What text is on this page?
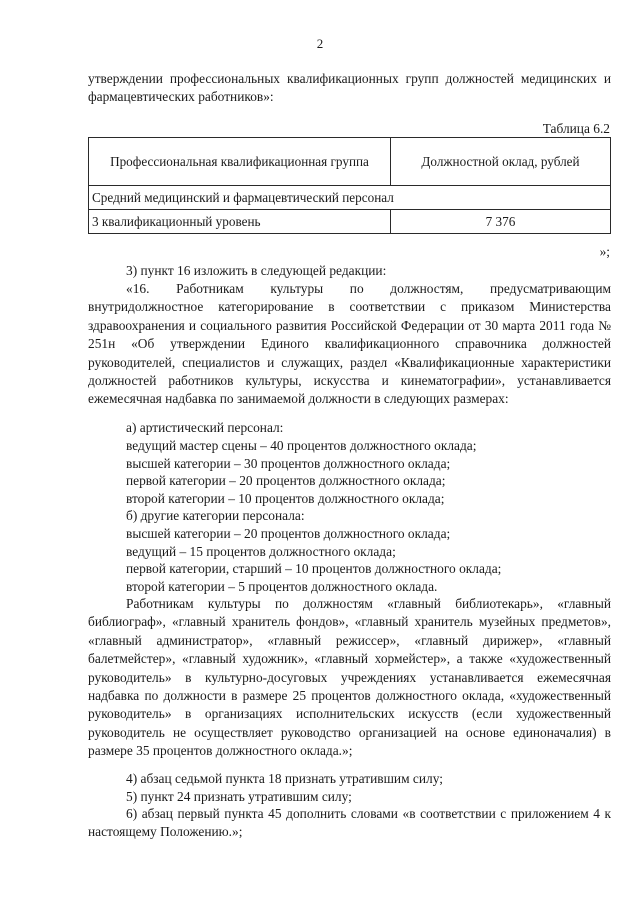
2

утверждении профессиональных квалификационных групп должностей медицинских и фармацевтических работников»:

Таблица 6.2
Профессиональная квалификационная группа	Должностной оклад, рублей
Средний медицинский и фармацевтический персонал	
3 квалификационный уровень	7 376
»;

3) пункт 16 изложить в следующей редакции:

«16. Работникам культуры по должностям, предусматривающим внутридолжностное категорирование в соответствии с приказом Министерства здравоохранения и социального развития Российской Федерации от 30 марта 2011 года № 251н «Об утверждении Единого квалификационного справочника должностей руководителей, специалистов и служащих, раздел «Квалификационные характеристики должностей работников культуры, искусства и кинематографии», устанавливается ежемесячная надбавка по занимаемой должности в следующих размерах:

а) артистический персонал:

ведущий мастер сцены – 40 процентов должностного оклада;

высшей категории – 30 процентов должностного оклада;

первой категории – 20 процентов должностного оклада;

второй категории – 10 процентов должностного оклада;

б) другие категории персонала:

высшей категории – 20 процентов должностного оклада;

ведущий – 15 процентов должностного оклада;

первой категории, старший – 10 процентов должностного оклада;

второй категории – 5 процентов должностного оклада.

Работникам культуры по должностям «главный библиотекарь», «главный библиограф», «главный хранитель фондов», «главный хранитель музейных предметов», «главный администратор», «главный режиссер», «главный дирижер», «главный балетмейстер», «главный художник», «главный хормейстер», а также «художественный руководитель» в культурно-досуговых учреждениях устанавливается ежемесячная надбавка по должности в размере 25 процентов должностного оклада, «художественный руководитель» в организациях исполнительских искусств (если художественный руководитель не осуществляет руководство организацией на основе единоначалия) в размере 35 процентов должностного оклада.»;

4) абзац седьмой пункта 18 признать утратившим силу;

5) пункт 24 признать утратившим силу;

6) абзац первый пункта 45 дополнить словами «в соответствии с приложением 4 к настоящему Положению.»;
